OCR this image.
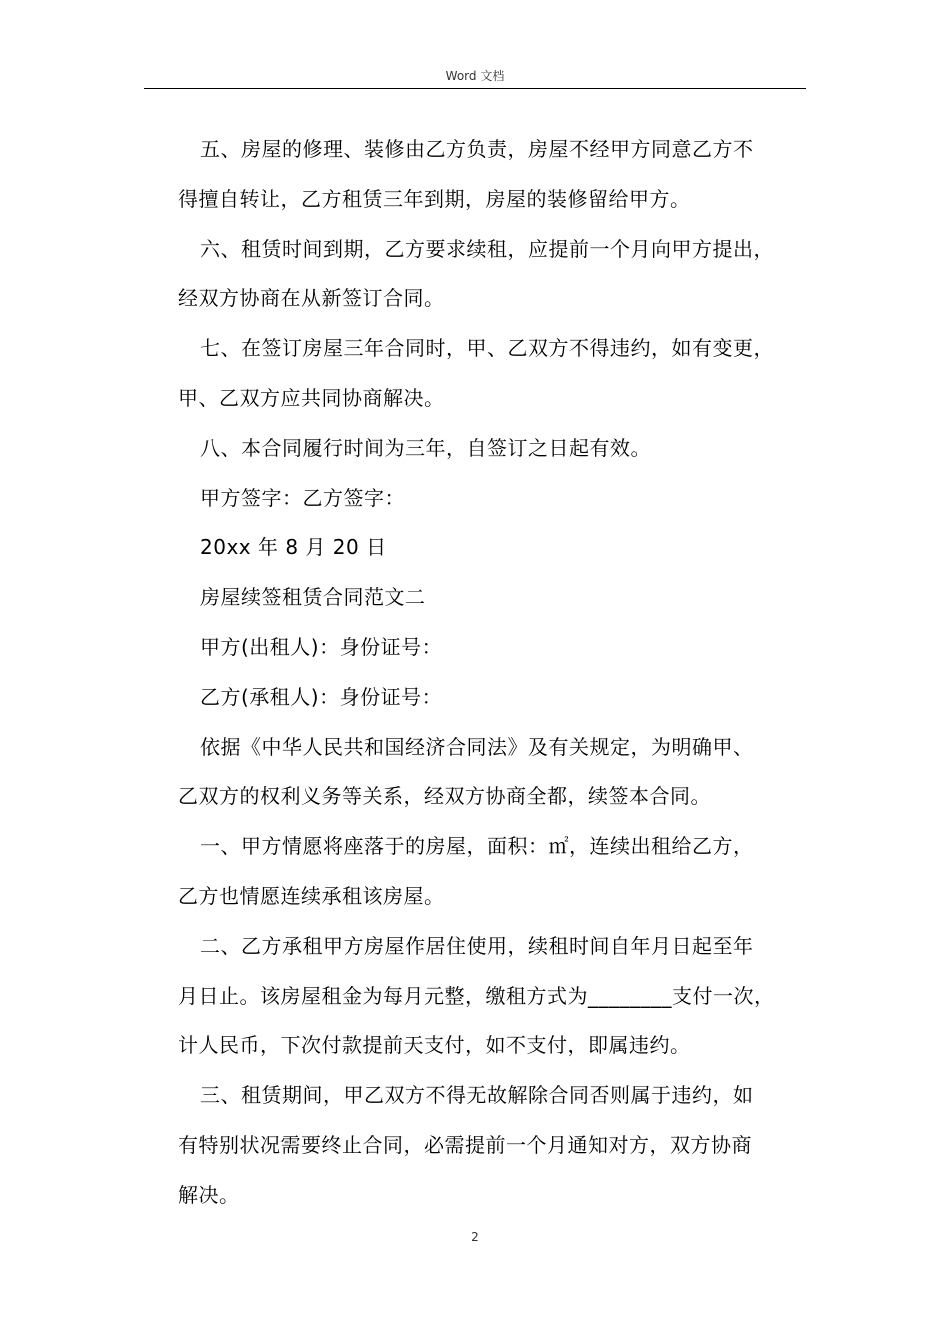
Word 文档
五、房屋的修理、装修由乙方负责，房屋不经甲方同意乙方不
得擅自转让，乙方租赁三年到期，房屋的装修留给甲方。
六、租赁时间到期，乙方要求续租，应提前一个月向甲方提出，
经双方协商在从新签订合同。
七、在签订房屋三年合同时，甲、乙双方不得违约，如有变更，
甲、乙双方应共同协商解决。
八、本合同履行时间为三年，自签订之日起有效。
甲方签字：乙方签字：
20xx 年 8 月 20 日
房屋续签租赁合同范文二
甲方(出租人)：身份证号：
乙方(承租人)：身份证号：
依据《中华人民共和国经济合同法》及有关规定，为明确甲、
乙双方的权利义务等关系，经双方协商全都，续签本合同。
一、甲方情愿将座落于的房屋，面积：㎡，连续出租给乙方，
乙方也情愿连续承租该房屋。
二、乙方承租甲方房屋作居住使用，续租时间自年月日起至年
月日止。该房屋租金为每月元整，缴租方式为________支付一次，
计人民币，下次付款提前天支付，如不支付，即属违约。
三、租赁期间，甲乙双方不得无故解除合同否则属于违约，如
有特别状况需要终止合同，必需提前一个月通知对方，双方协商
解决。
2
